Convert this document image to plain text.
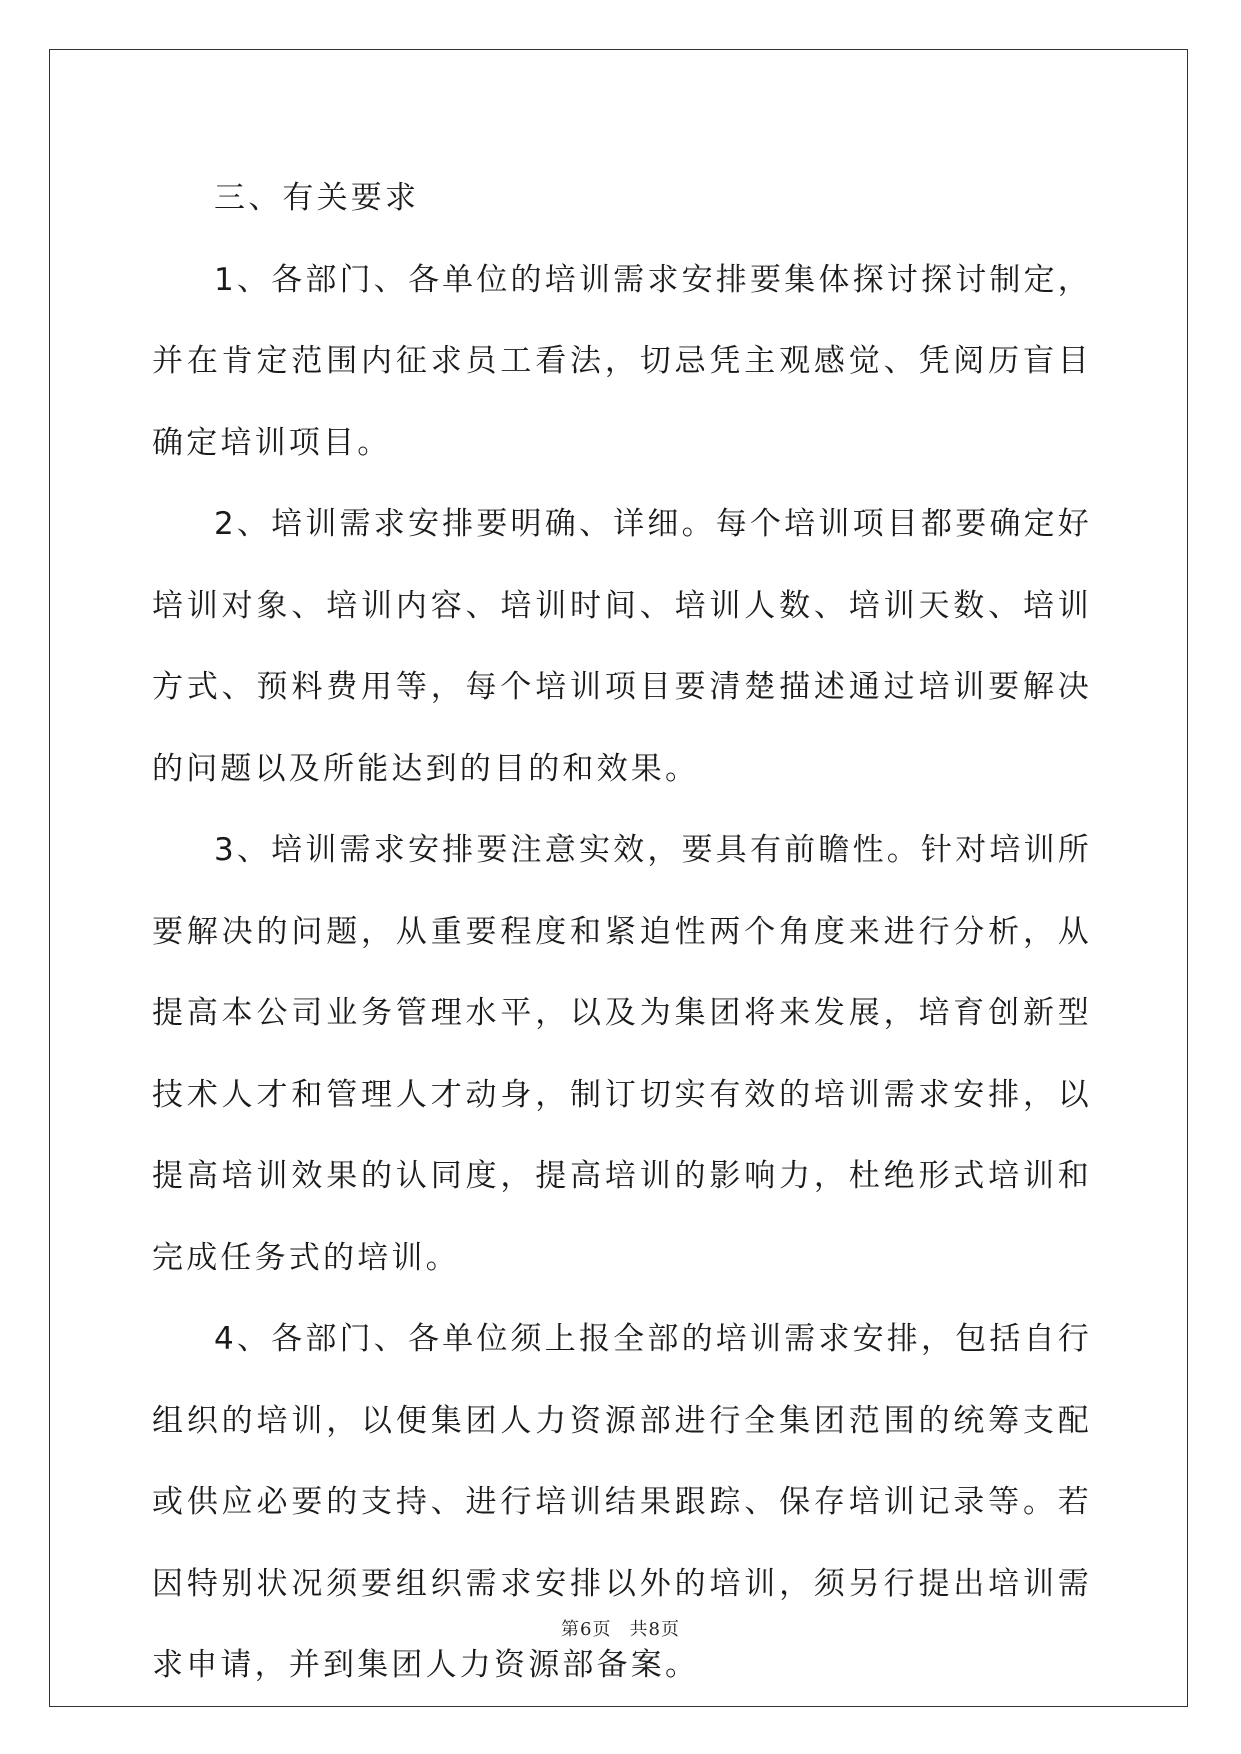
三、有关要求

1、各部门、各单位的培训需求安排要集体探讨探讨制定，并在肯定范围内征求员工看法，切忌凭主观感觉、凭阅历盲目确定培训项目。

2、培训需求安排要明确、详细。每个培训项目都要确定好培训对象、培训内容、培训时间、培训人数、培训天数、培训方式、预料费用等，每个培训项目要清楚描述通过培训要解决的问题以及所能达到的目的和效果。

3、培训需求安排要注意实效，要具有前瞻性。针对培训所要解决的问题，从重要程度和紧迫性两个角度来进行分析，从提高本公司业务管理水平，以及为集团将来发展，培育创新型技术人才和管理人才动身，制订切实有效的培训需求安排，以提高培训效果的认同度，提高培训的影响力，杜绝形式培训和完成任务式的培训。

4、各部门、各单位须上报全部的培训需求安排，包括自行组织的培训，以便集团人力资源部进行全集团范围的统筹支配或供应必要的支持、进行培训结果跟踪、保存培训记录等。若因特别状况须要组织需求安排以外的培训，须另行提出培训需求申请，并到集团人力资源部备案。

第6页 共8页
